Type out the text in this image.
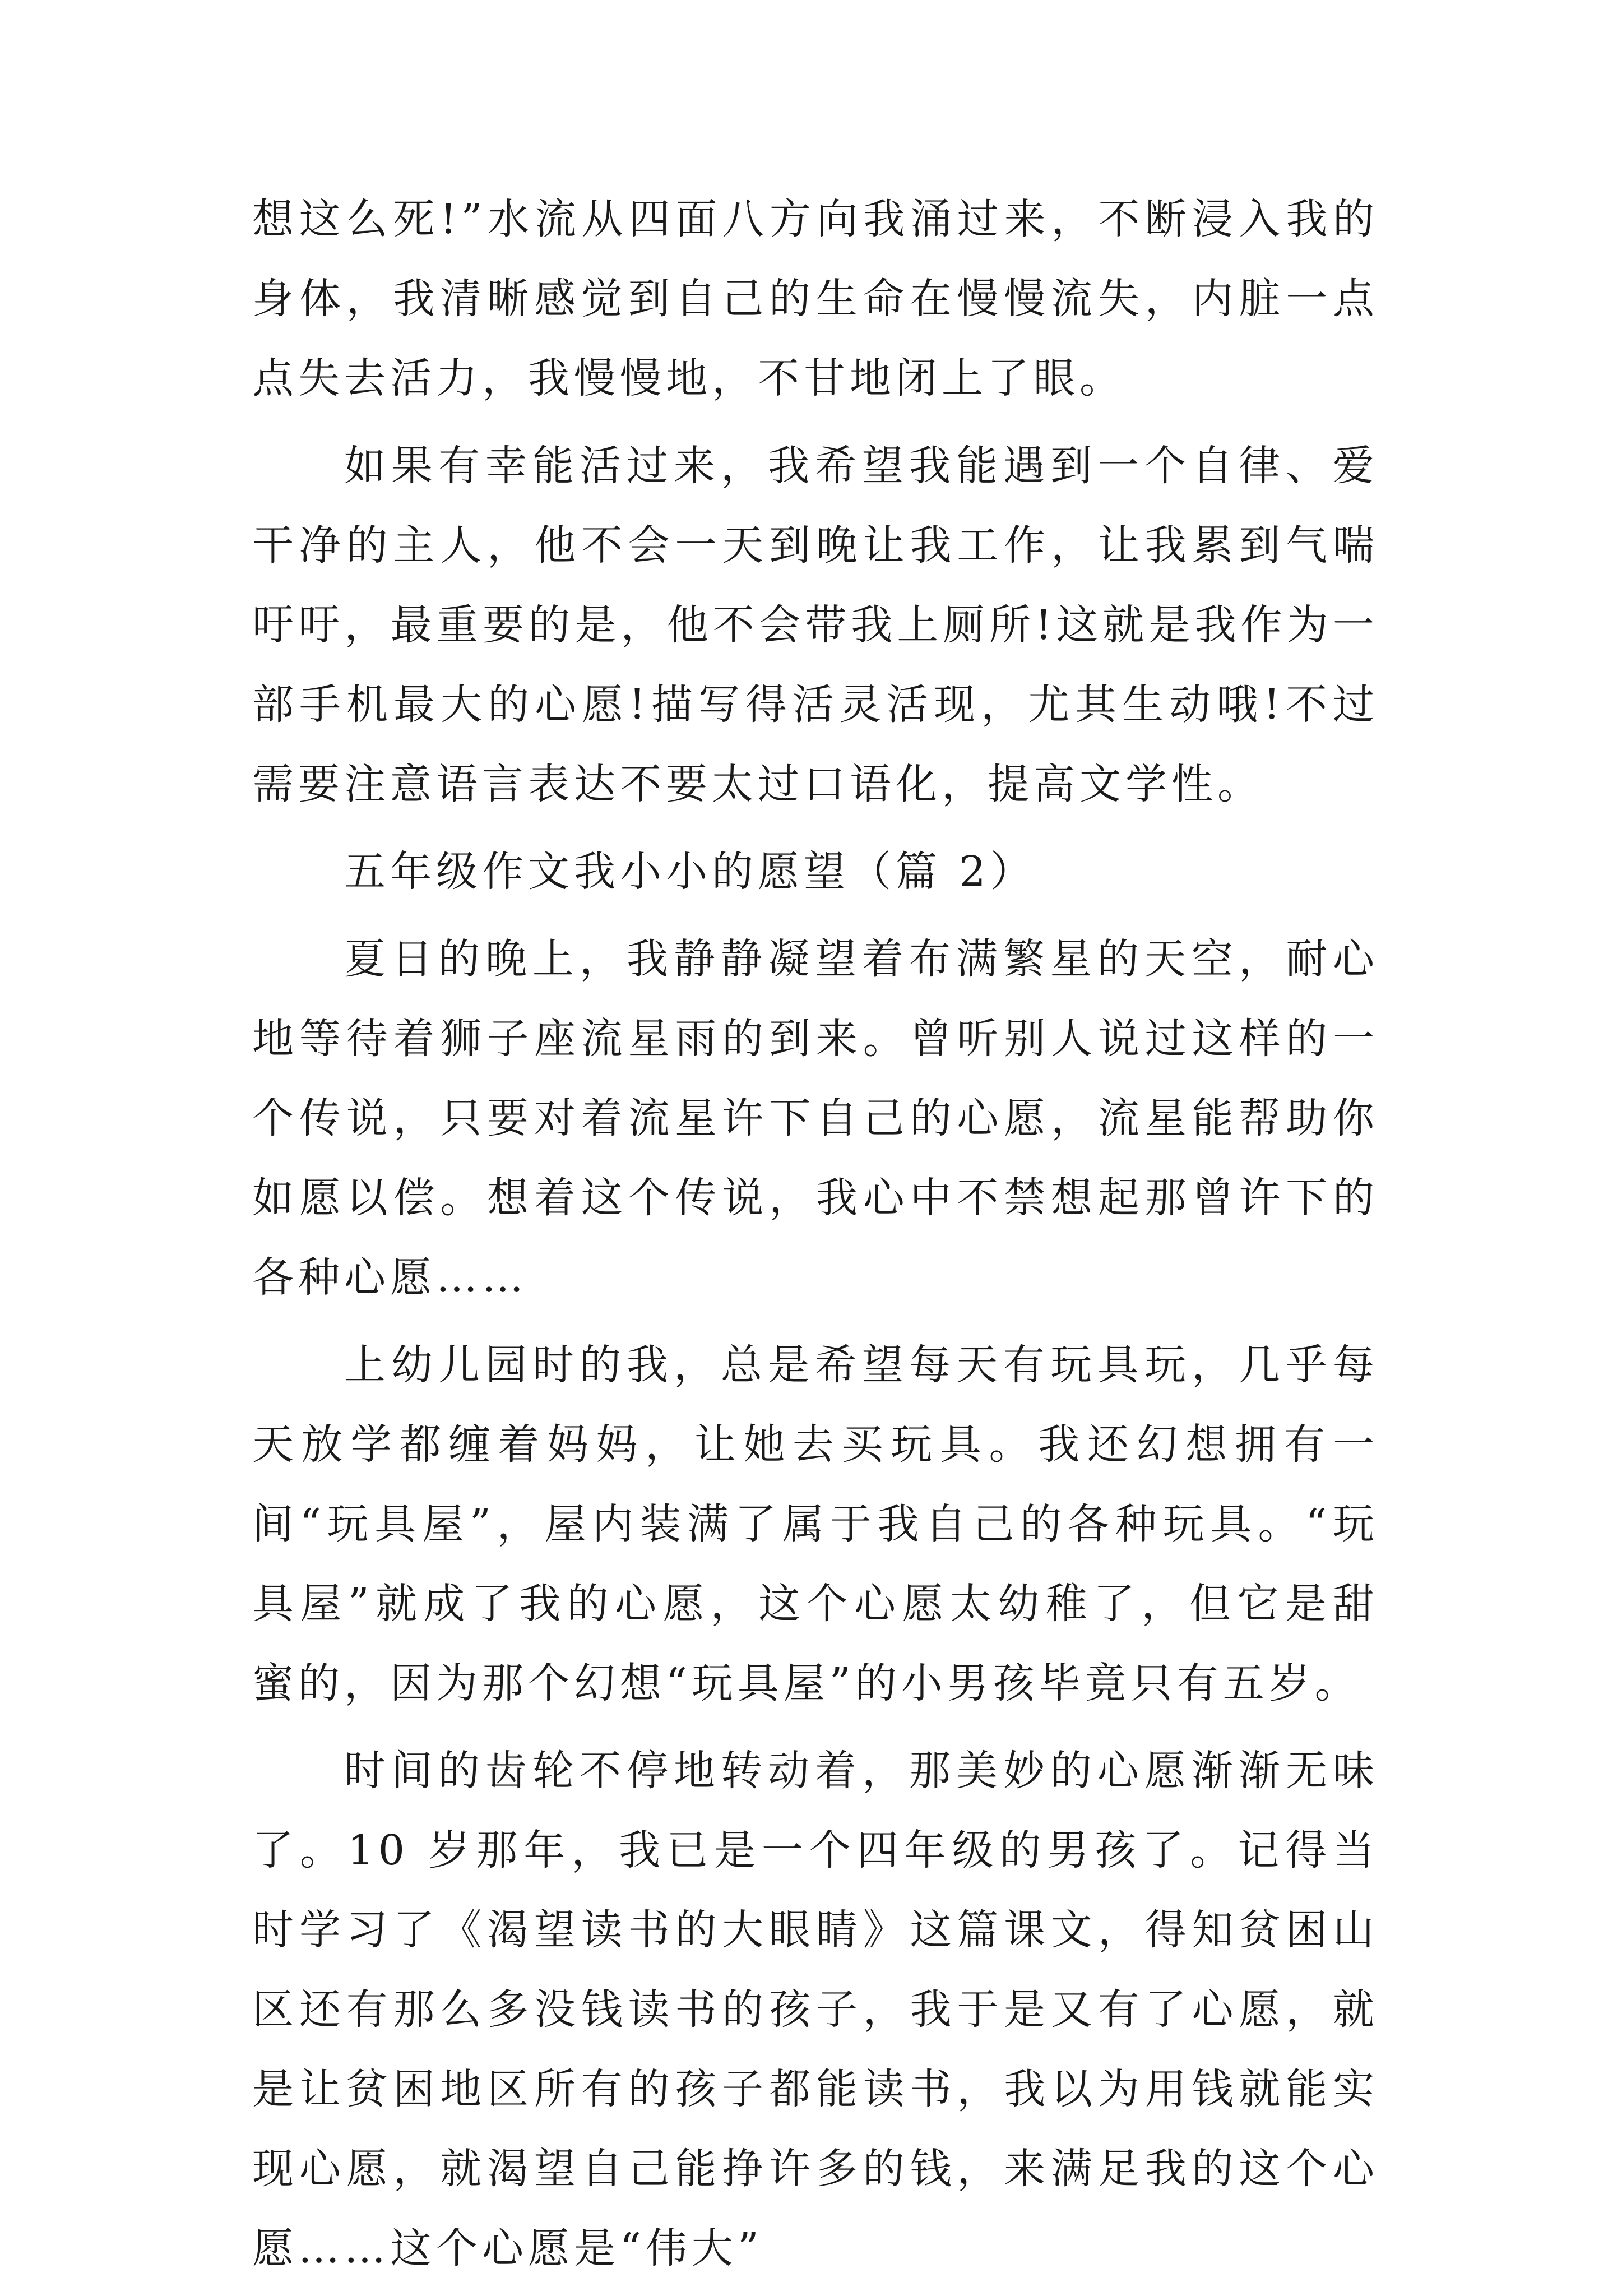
想这么死!”水流从四面八方向我涌过来，不断浸入我的身体，我清晰感觉到自己的生命在慢慢流失，内脏一点点失去活力，我慢慢地，不甘地闭上了眼。

如果有幸能活过来，我希望我能遇到一个自律、爱干净的主人，他不会一天到晚让我工作，让我累到气喘吁吁，最重要的是，他不会带我上厕所!这就是我作为一部手机最大的心愿!描写得活灵活现，尤其生动哦!不过需要注意语言表达不要太过口语化，提高文学性。

五年级作文我小小的愿望（篇 2）

夏日的晚上，我静静凝望着布满繁星的天空，耐心地等待着狮子座流星雨的到来。曾听别人说过这样的一个传说，只要对着流星许下自己的心愿，流星能帮助你如愿以偿。想着这个传说，我心中不禁想起那曾许下的各种心愿……

上幼儿园时的我，总是希望每天有玩具玩，几乎每天放学都缠着妈妈，让她去买玩具。我还幻想拥有一间“玩具屋”，屋内装满了属于我自己的各种玩具。“玩具屋”就成了我的心愿，这个心愿太幼稚了，但它是甜蜜的，因为那个幻想“玩具屋”的小男孩毕竟只有五岁。

时间的齿轮不停地转动着，那美妙的心愿渐渐无味了。10 岁那年，我已是一个四年级的男孩了。记得当时学习了《渴望读书的大眼睛》这篇课文，得知贫困山区还有那么多没钱读书的孩子，我于是又有了心愿，就是让贫困地区所有的孩子都能读书，我以为用钱就能实现心愿，就渴望自己能挣许多的钱，来满足我的这个心愿……这个心愿是“伟大”
